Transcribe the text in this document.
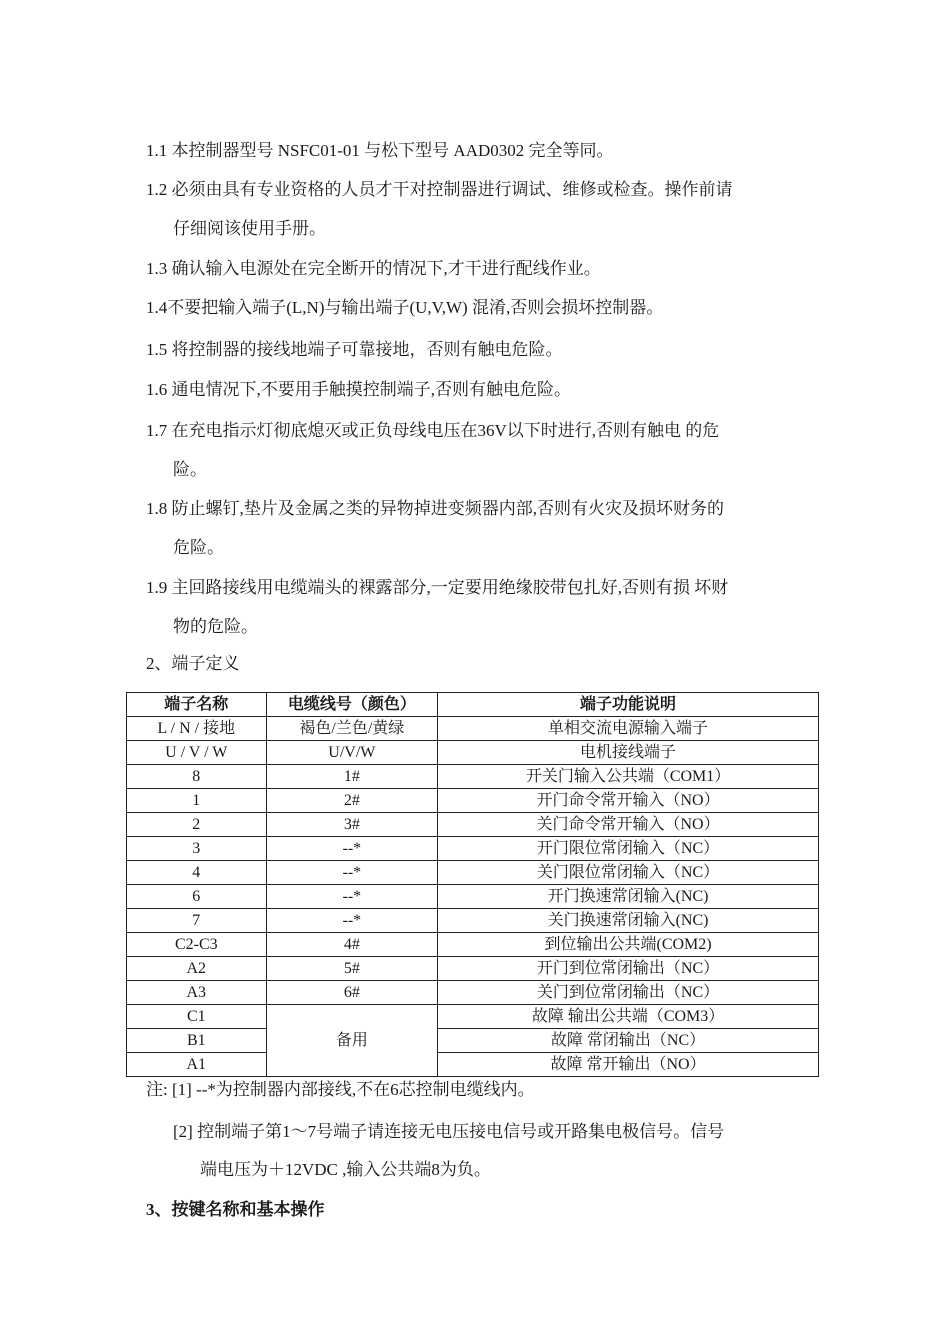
1.1 本控制器型号 NSFC01-01 与松下型号 AAD0302 完全等同。
1.2 必须由具有专业资格的人员才干对控制器进行调试、维修或检查。操作前请
仔细阅该使用手册。
1.3 确认输入电源处在完全断开的情况下,才干进行配线作业。
1.4不要把输入端子(L,N)与输出端子(U,V,W) 混淆,否则会损坏控制器。
1.5 将控制器的接线地端子可靠接地，否则有触电危险。
1.6 通电情况下,不要用手触摸控制端子,否则有触电危险。
1.7 在充电指示灯彻底熄灭或正负母线电压在36V以下时进行,否则有触电 的危
险。
1.8 防止螺钉,垫片及金属之类的异物掉进变频器内部,否则有火灾及损坏财务的
危险。
1.9 主回路接线用电缆端头的裸露部分,一定要用绝缘胶带包扎好,否则有损 坏财
物的危险。
2、端子定义
端子名称	电缆线号（颜色）	端子功能说明
L / N / 接地	褐色/兰色/黄绿	单相交流电源输入端子
U / V / W	U/V/W	电机接线端子
8	1#	开关门输入公共端（COM1）
1	2#	开门命令常开输入（NO）
2	3#	关门命令常开输入（NO）
3	--*	开门限位常闭输入（NC）
4	--*	关门限位常闭输入（NC）
6	--*	开门换速常闭输入(NC)
7	--*	关门换速常闭输入(NC)
C2-C3	4#	到位输出公共端(COM2)
A2	5#	开门到位常闭输出（NC）
A3	6#	关门到位常闭输出（NC）
C1	备用	故障 输出公共端（COM3）
B1		故障 常闭输出（NC）
A1		故障 常开输出（NO）
注: [1] --*为控制器内部接线,不在6芯控制电缆线内。
[2] 控制端子第1～7号端子请连接无电压接电信号或开路集电极信号。信号
端电压为＋12VDC ,输入公共端8为负。
3、按键名称和基本操作
